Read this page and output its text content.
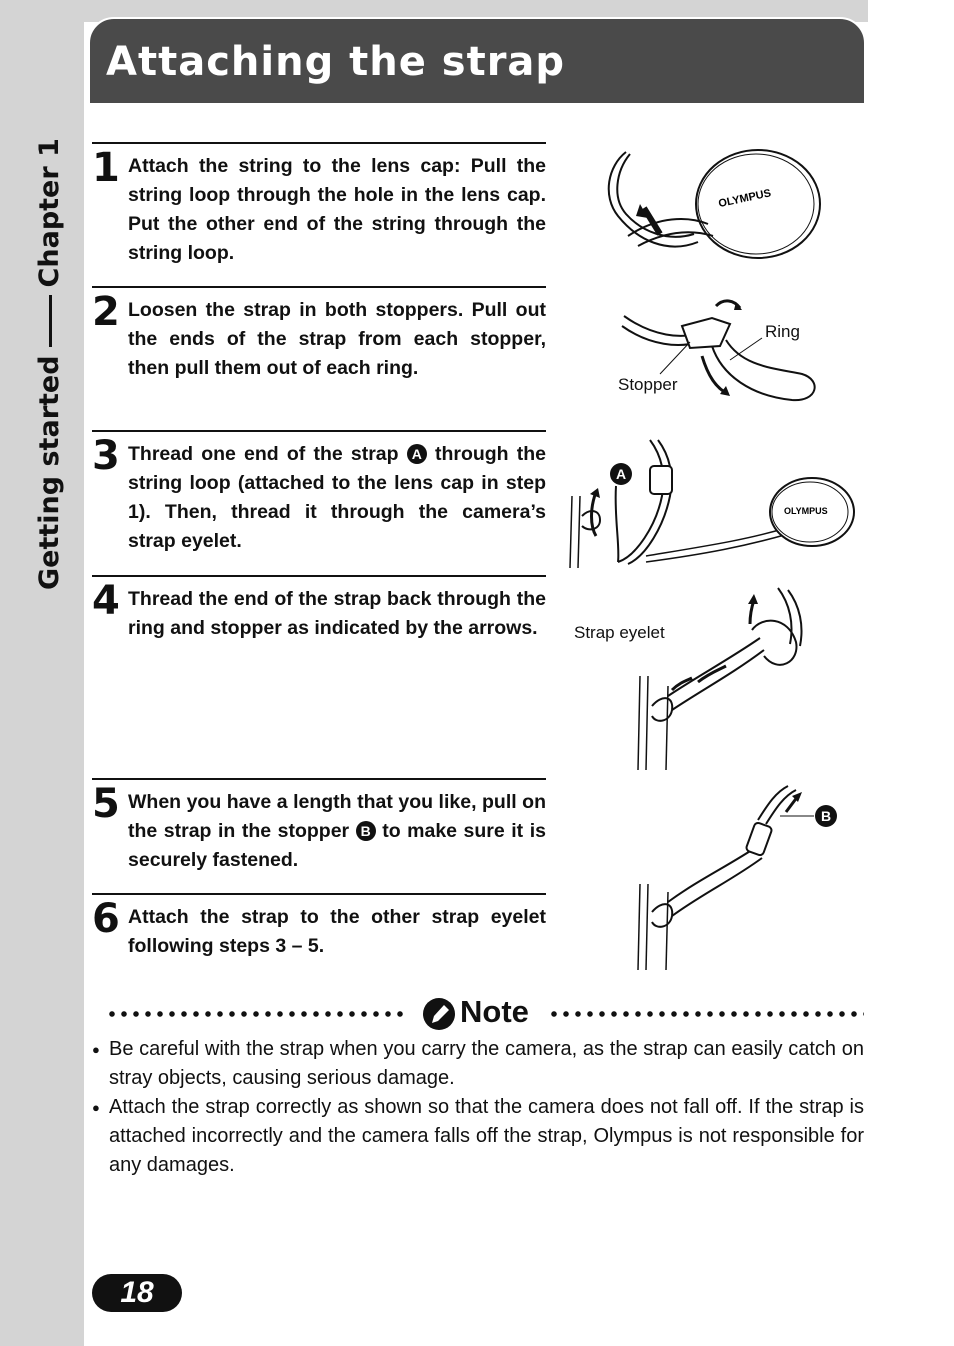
Attaching the strap
Getting startedChapter 1 1 Attach the string to the lens cap: Pull the string loop through the hole in the lens cap. Put the other end of the string through the string loop.
2 Loosen the strap in both stoppers. Pull out the ends of the strap from each stopper, then pull them out of each ring.
3 Thread one end of the strap A through the string loop (attached to the lens cap in step 1). Then, thread it through the camera’s strap eyelet.
4 Thread the end of the strap back through the ring and stopper as indicated by the arrows.
5 When you have a length that you like, pull on the strap in the stopper B to make sure it is securely fastened.
6 Attach the strap to the other strap eyelet following steps 3 – 5.
OLYMPUS
Ring
Stopper
OLYMPUS
A
Strap eyelet
B
Note
● Be careful with the strap when you carry the camera, as the strap can easily catch on stray objects, causing serious damage.
● Attach the strap correctly as shown so that the camera does not fall off. If the strap is attached incorrectly and the camera falls off the strap, Olympus is not responsible for any damages.
18
